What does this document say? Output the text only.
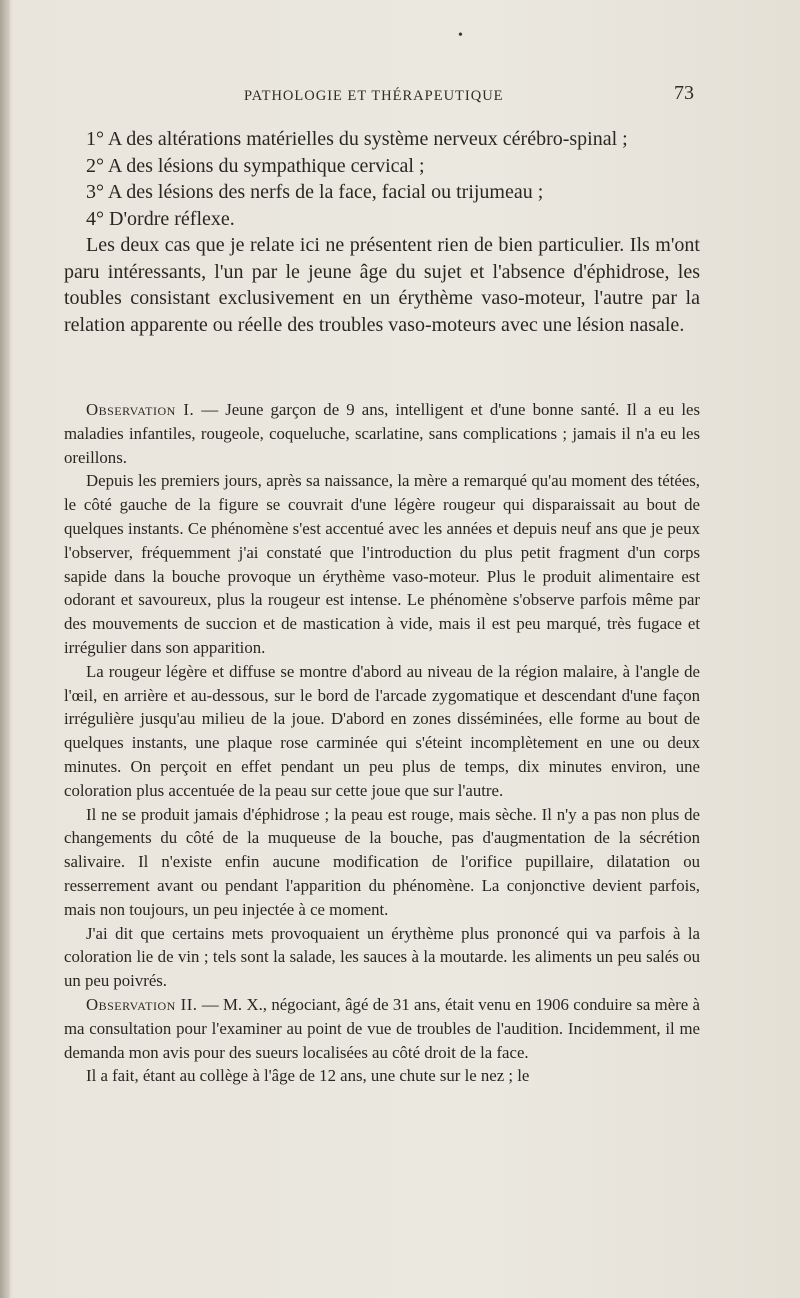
•
PATHOLOGIE ET THÉRAPEUTIQUE	73

1° A des altérations matérielles du système nerveux cérébro-spinal ;

2° A des lésions du sympathique cervical ;

3° A des lésions des nerfs de la face, facial ou trijumeau ;

4° D'ordre réflexe.

Les deux cas que je relate ici ne présentent rien de bien particulier. Ils m'ont paru intéressants, l'un par le jeune âge du sujet et l'absence d'éphidrose, les toubles consistant exclusivement en un érythème vaso-moteur, l'autre par la relation apparente ou réelle des troubles vaso-moteurs avec une lésion nasale.

Observation I. — Jeune garçon de 9 ans, intelligent et d'une bonne santé. Il a eu les maladies infantiles, rougeole, coqueluche, scarlatine, sans complications ; jamais il n'a eu les oreillons.

Depuis les premiers jours, après sa naissance, la mère a remarqué qu'au moment des tétées, le côté gauche de la figure se couvrait d'une légère rougeur qui disparaissait au bout de quelques instants. Ce phénomène s'est accentué avec les années et depuis neuf ans que je peux l'observer, fréquemment j'ai constaté que l'introduction du plus petit fragment d'un corps sapide dans la bouche provoque un érythème vaso-moteur. Plus le produit alimentaire est odorant et savoureux, plus la rougeur est intense. Le phénomène s'observe parfois même par des mouvements de succion et de mastication à vide, mais il est peu marqué, très fugace et irrégulier dans son apparition.

La rougeur légère et diffuse se montre d'abord au niveau de la région malaire, à l'angle de l'œil, en arrière et au-dessous, sur le bord de l'arcade zygomatique et descendant d'une façon irrégulière jusqu'au milieu de la joue. D'abord en zones disséminées, elle forme au bout de quelques instants, une plaque rose carminée qui s'éteint incomplètement en une ou deux minutes. On perçoit en effet pendant un peu plus de temps, dix minutes environ, une coloration plus accentuée de la peau sur cette joue que sur l'autre.

Il ne se produit jamais d'éphidrose ; la peau est rouge, mais sèche. Il n'y a pas non plus de changements du côté de la muqueuse de la bouche, pas d'augmentation de la sécrétion salivaire. Il n'existe enfin aucune modification de l'orifice pupillaire, dilatation ou resserrement avant ou pendant l'apparition du phénomène. La conjonctive devient parfois, mais non toujours, un peu injectée à ce moment.

J'ai dit que certains mets provoquaient un érythème plus prononcé qui va parfois à la coloration lie de vin ; tels sont la salade, les sauces à la moutarde. les aliments un peu salés ou un peu poivrés.

Observation II. — M. X., négociant, âgé de 31 ans, était venu en 1906 conduire sa mère à ma consultation pour l'examiner au point de vue de troubles de l'audition. Incidemment, il me demanda mon avis pour des sueurs localisées au côté droit de la face.

Il a fait, étant au collège à l'âge de 12 ans, une chute sur le nez ; le
